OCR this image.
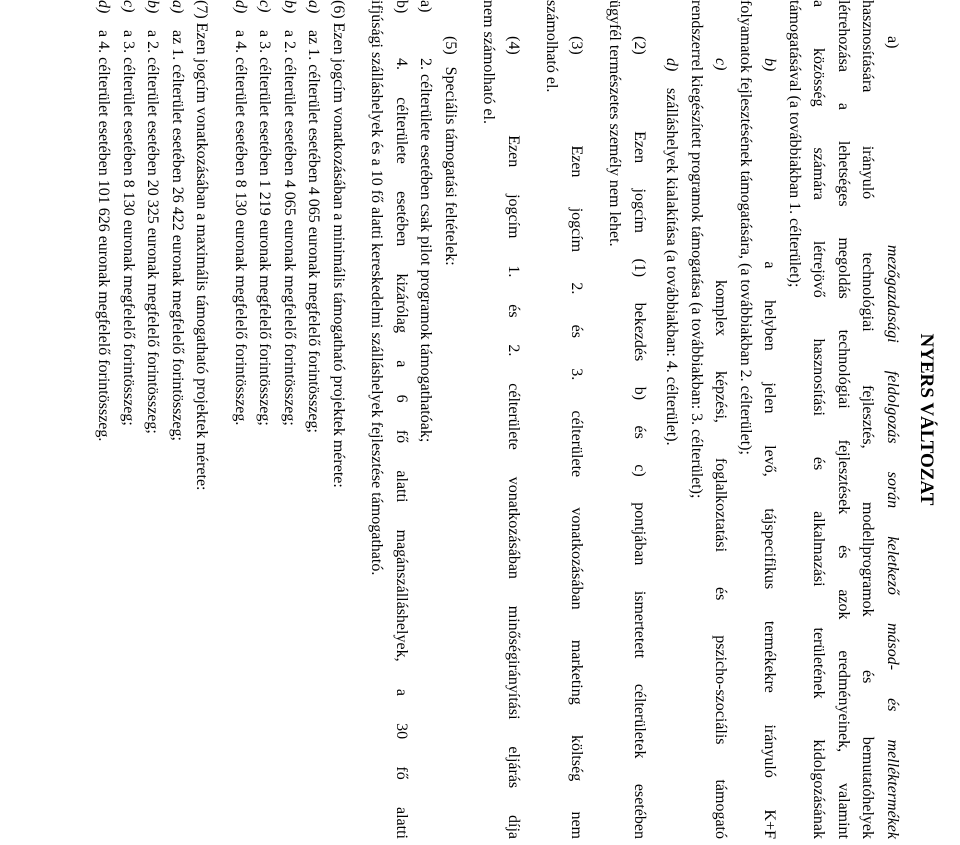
NYERS VÁLTOZAT
a)       mezőgazdasági feldolgozás során keletkező másod- és melléktermékek
hasznosítására irányuló technológiai fejlesztés, modellprogramok és bemutatóhelyek
létrehozása a lehetséges megoldás technológiai fejlesztések és azok eredményeinek, valamint
a közösség számára létrejövő hasznosítási és alkalmazási területének kidolgozásának
támogatásával (a továbbiakban 1. célterület);
b)      a helyben jelen levő, tájspecifikus termékekre irányuló K+F
folyamatok fejlesztésének támogatására, (a továbbiakban 2. célterület);
c)      komplex képzési, foglalkoztatási és pszicho-szociális támogató
rendszerrel kiegészített programok támogatása (a továbbiakban: 3. célterület);
d)
szálláshelyek kialakítása (a továbbiakban: 4. célterület).
(2)   Ezen jogcím (1) bekezdés b) és c) pontjában ismertetett célterületek esetében
ügyfél természetes személy nem lehet.
(3)   Ezen jogcím 2. és 3. célterülete vonatkozásában marketing költség nem
számolható el.
(4)   Ezen jogcím 1. és 2. célterülete vonatkozásában minőségirányítási eljárás díja
nem számolható el.
(5)   Speciális támogatási feltételek:
a)
2. célterülete esetében csak pilot programok támogathatóak;
b)
4. célterülete esetében kizárólag a 6 fő alatti magánszálláshelyek, a 30 fő alatti
ifjúsági szálláshelyek és a 10 fő alatti kereskedelmi szálláshelyek fejlesztése támogatható.
(6) Ezen jogcím vonatkozásában a minimális támogatható projektek mérete:
a)
az 1. célterület esetében 4 065 euronak megfelelő forintösszeg;
b)
a 2. célterület esetében 4 065 euronak megfelelő forintösszeg;
c)
a 3. célterület esetében 1 219 euronak megfelelő forintösszeg;
d)
a 4. célterület esetében 8 130 euronak megfelelő forintösszeg.
(7) Ezen jogcím vonatkozásában a maximális támogatható projektek mérete:
a)
az 1. célterület esetében 26 422 euronak megfelelő forintösszeg;
b)
a 2. célterület esetében 20 325 euronak megfelelő forintösszeg;
c)
a 3. célterület esetében 8 130 euronak megfelelő forintösszeg;
d)
a 4. célterület esetében 101 626 euronak megfelelő forintösszeg.
